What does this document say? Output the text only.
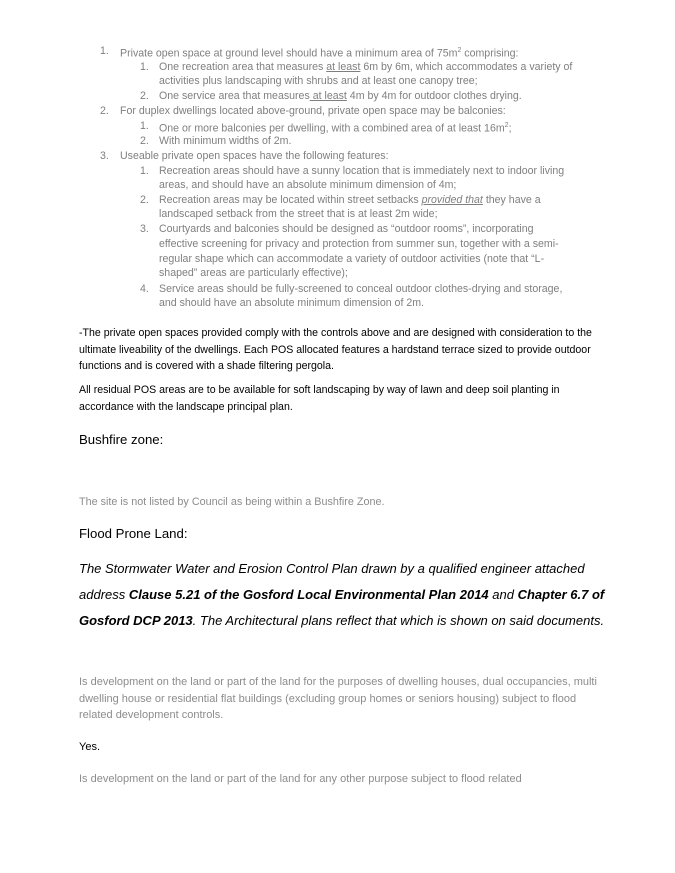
1. Private open space at ground level should have a minimum area of $75m^2$ comprising:
1. One recreation area that measures at least 6m by 6m, which accommodates a variety of
activities plus landscaping with shrubs and at least one canopy tree;
2. One service area that measures at least 4m by 4m for outdoor clothes drying.
2. For duplex dwellings located above-ground, private open space may be balconies:
1. One or more balconies per dwelling, with a combined area of at least $16m^2$;
2. With minimum widths of 2m.
3. Useable private open spaces have the following features:
1. Recreation areas should have a sunny location that is immediately next to indoor living
areas, and should have an absolute minimum dimension of 4m;
2. Recreation areas may be located within street setbacks provided that they have a
landscaped setback from the street that is at least 2m wide;
3. Courtyards and balconies should be designed as “outdoor rooms”, incorporating
effective screening for privacy and protection from summer sun, together with a semi-
regular shape which can accommodate a variety of outdoor activities (note that “L-
shaped” areas are particularly effective);
4. Service areas should be fully-screened to conceal outdoor clothes-drying and storage,
and should have an absolute minimum dimension of 2m.
-The private open spaces provided comply with the controls above and are designed with consideration to the ultimate liveability of the dwellings. Each POS allocated features a hardstand terrace sized to provide outdoor functions and is covered with a shade filtering pergola.
All residual POS areas are to be available for soft landscaping by way of lawn and deep soil planting in accordance with the landscape principal plan.
Bushfire zone:
The site is not listed by Council as being within a Bushfire Zone.
Flood Prone Land:
The Stormwater Water and Erosion Control Plan drawn by a qualified engineer attached address Clause 5.21 of the Gosford Local Environmental Plan 2014 and Chapter 6.7 of Gosford DCP 2013. The Architectural plans reflect that which is shown on said documents.
Is development on the land or part of the land for the purposes of dwelling houses, dual occupancies, multi dwelling house or residential flat buildings (excluding group homes or seniors housing) subject to flood related development controls.
Yes.
Is development on the land or part of the land for any other purpose subject to flood related
